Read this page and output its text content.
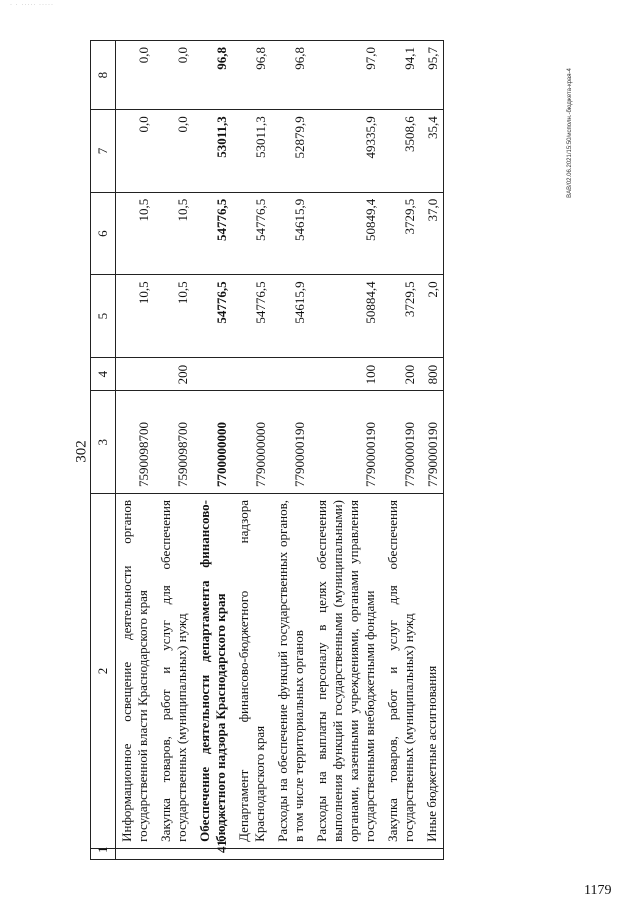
· · ····· ·····
302
BAB/02.06.2021/15:50/исполн.-бюджета-края-4
1179
1	2	3	4	5	6	7	8
	Информационное освещение деятельности органов государственной власти Краснодарского края	7590098700		10,5	10,5	0,0	0,0
	Закупка товаров, работ и услуг для обеспечения государственных (муниципальных) нужд	7590098700	200	10,5	10,5	0,0	0,0
41.	Обеспечение деятельности департамента финансово-бюджетного надзора Краснодарского края	7700000000		54776,5	54776,5	53011,3	96,8
	Департамент финансово-бюджетного надзора Краснодарского края	7790000000		54776,5	54776,5	53011,3	96,8
	Расходы на обеспечение функций государственных органов, в том числе территориальных органов	7790000190		54615,9	54615,9	52879,9	96,8
	Расходы на выплаты персоналу в целях обеспечения выполнения функций государственными (муниципальными) органами, казенными учреждениями, органами управления государственными внебюджетными фондами	7790000190	100	50884,4	50849,4	49335,9	97,0
	Закупка товаров, работ и услуг для обеспечения государственных (муниципальных) нужд	7790000190	200	3729,5	3729,5	3508,6	94,1
	Иные бюджетные ассигнования	7790000190	800	2,0	37,0	35,4	95,7
